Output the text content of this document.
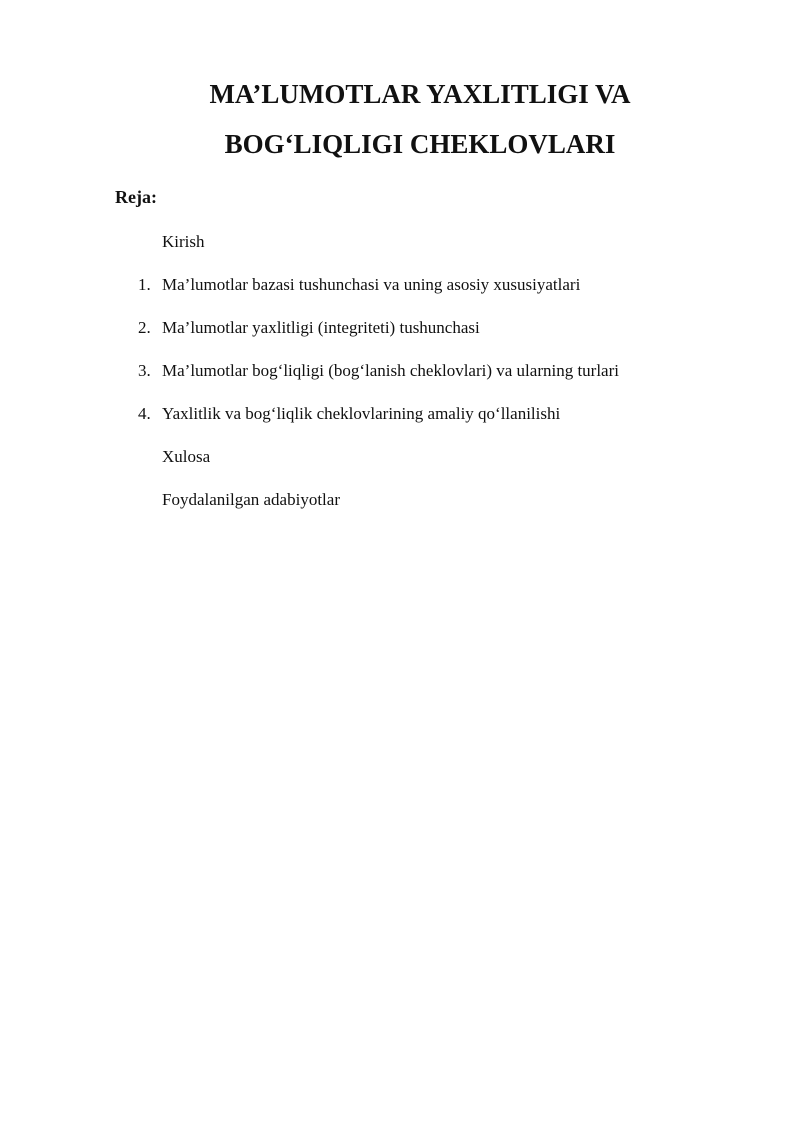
MA’LUMOTLAR YAXLITLIGI VA
BOG‘LIQLIGI CHEKLOVLARI

Reja:

Kirish
1. Ma’lumotlar bazasi tushunchasi va uning asosiy xususiyatlari
2. Ma’lumotlar yaxlitligi (integriteti) tushunchasi
3. Ma’lumotlar bog‘liqligi (bog‘lanish cheklovlari) va ularning turlari
4. Yaxlitlik va bog‘liqlik cheklovlarining amaliy qo‘llanilishi
Xulosa
Foydalanilgan adabiyotlar
